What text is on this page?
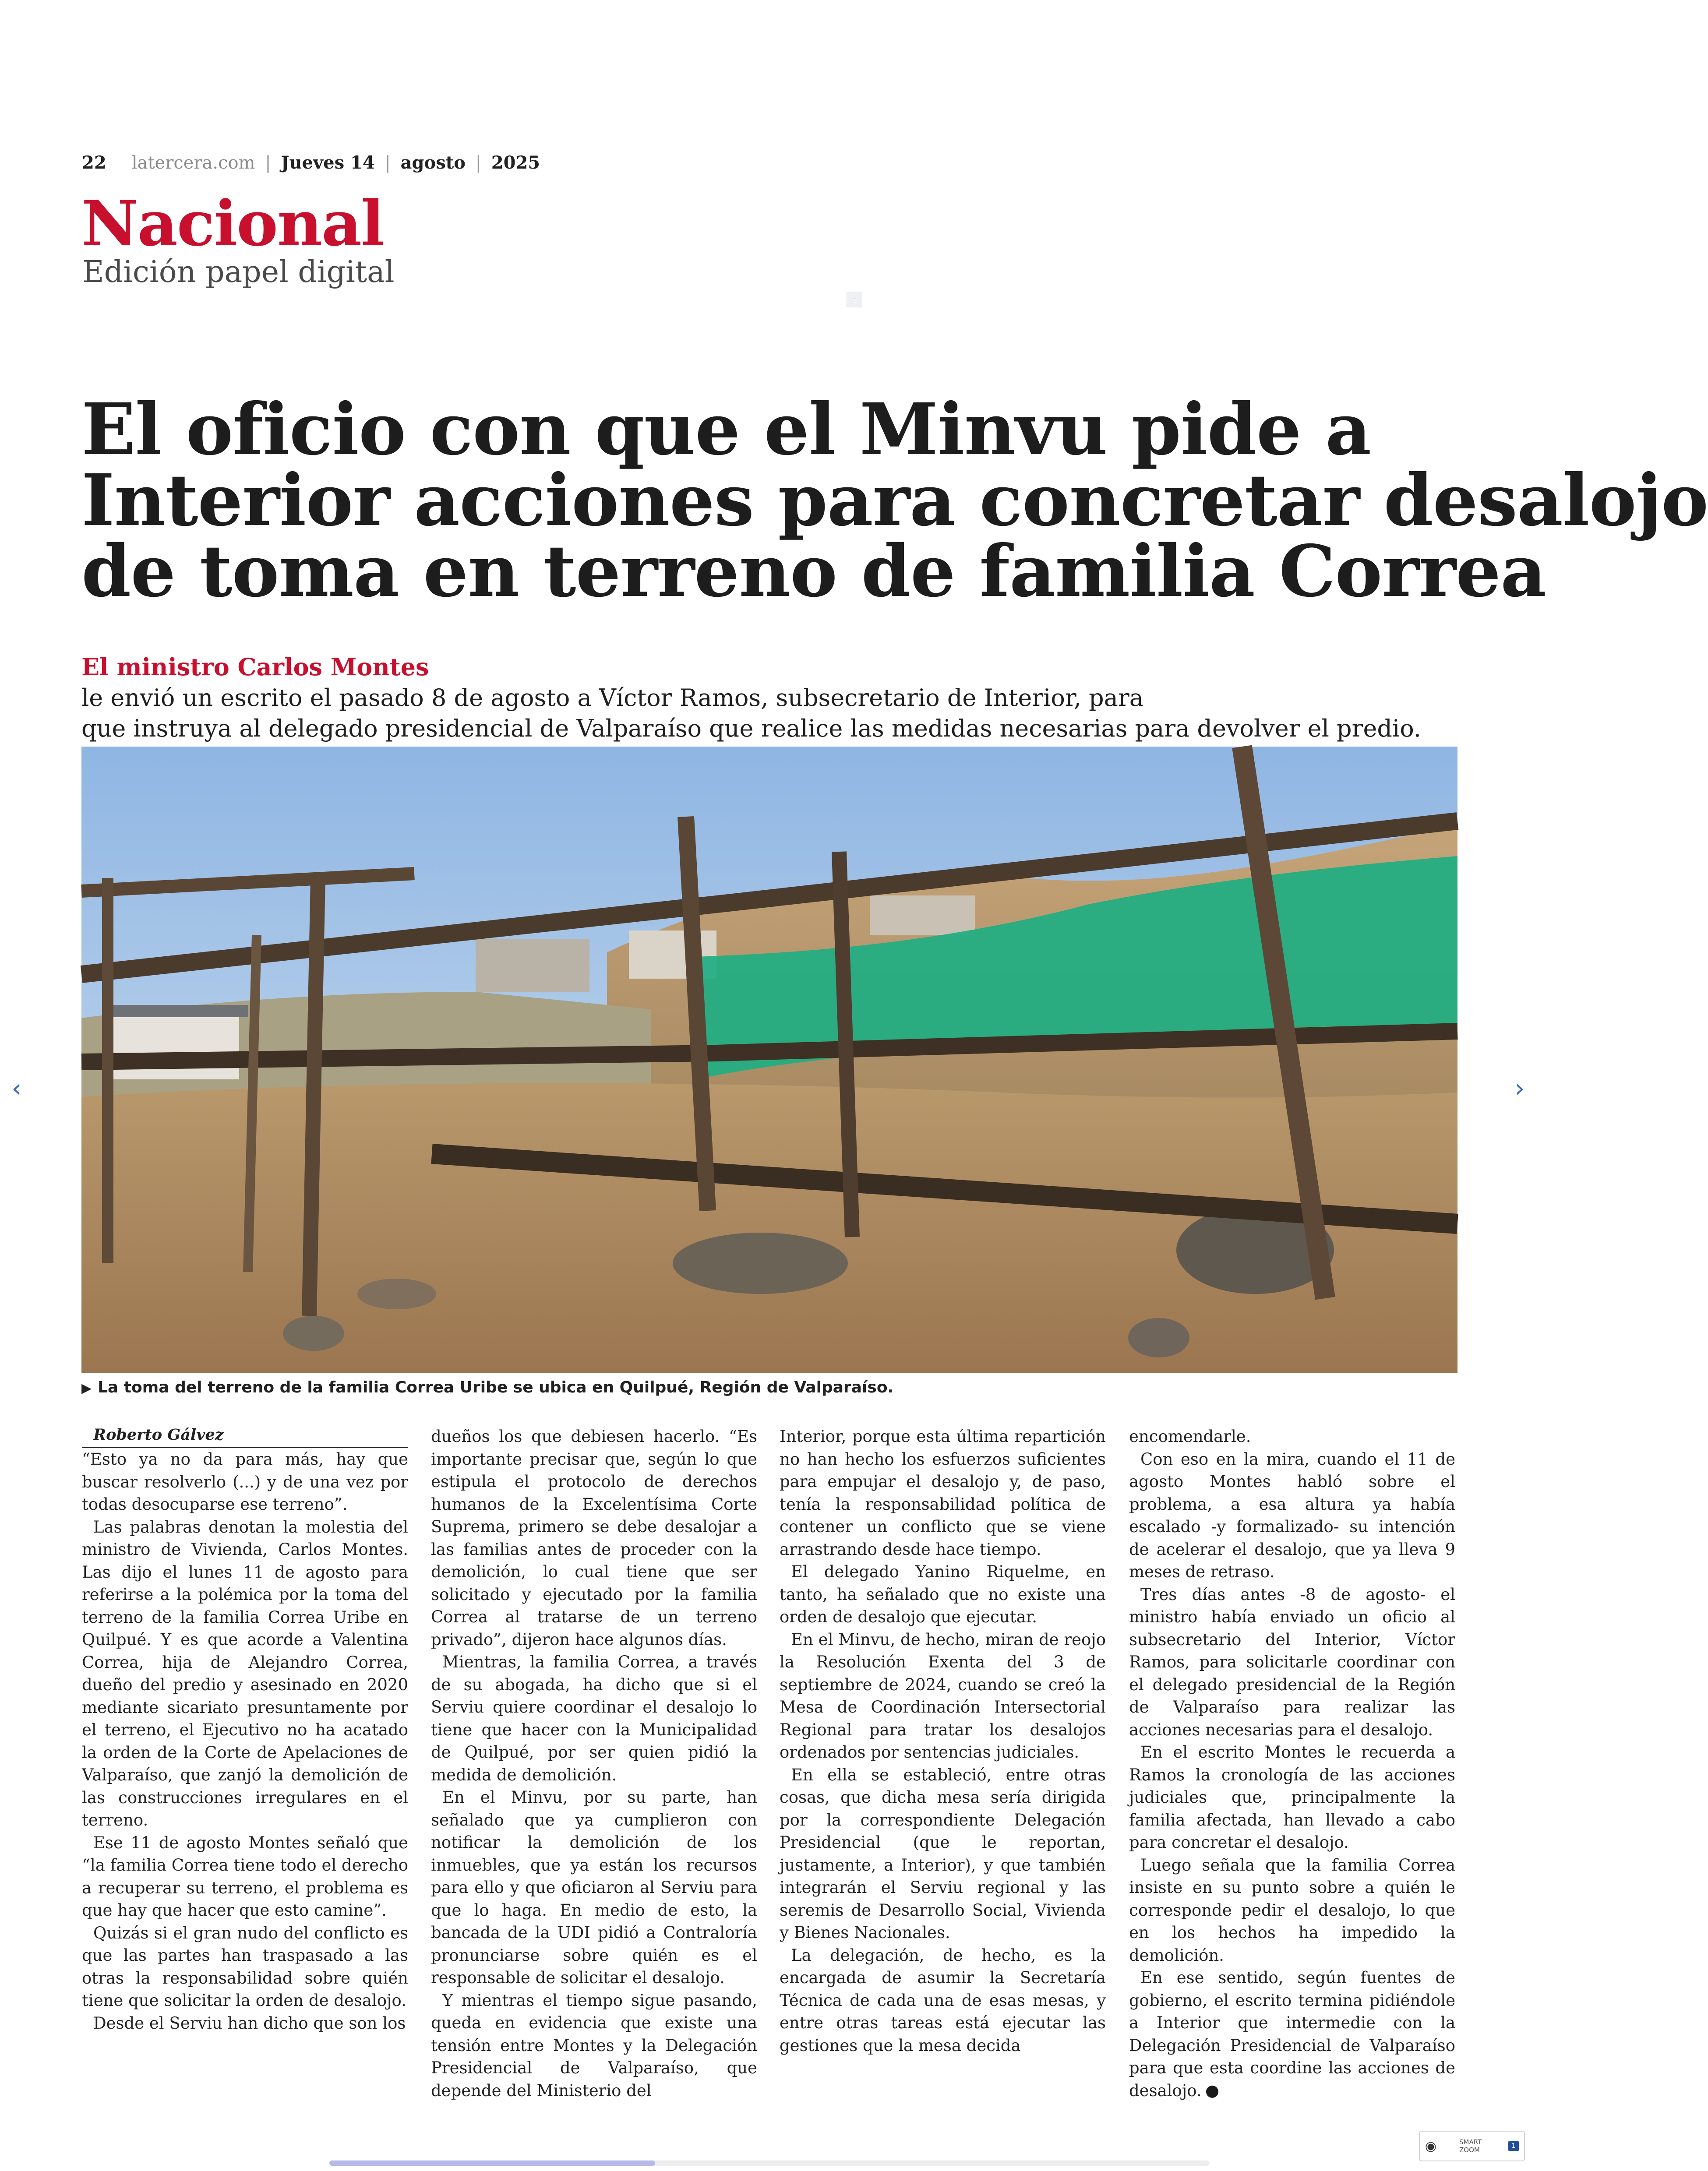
22 latercera.com | Jueves 14 | agosto | 2025
Nacional
Edición papel digital
▫
El oficio con que el Minvu pide a
Interior acciones para concretar desalojo
de toma en terreno de familia Correa

El ministro Carlos Montes
le envió un escrito el pasado 8 de agosto a Víctor Ramos, subsecretario de Interior, para
que instruya al delegado presidencial de Valparaíso que realice las medidas necesarias para devolver el predio.

▶ La toma del terreno de la familia Correa Uribe se ubica en Quilpué, Región de Valparaíso.
‹	›

Roberto Gálvez

“Esto ya no da para más, hay que buscar resolverlo (...) y de una vez por todas desocuparse ese terreno”.

Las palabras denotan la molestia del ministro de Vivienda, Carlos Montes. Las dijo el lunes 11 de agosto para referirse a la polémica por la toma del terreno de la familia Correa Uribe en Quilpué. Y es que acorde a Valentina Correa, hija de Alejandro Correa, dueño del predio y asesinado en 2020 mediante sicariato presuntamente por el terreno, el Ejecutivo no ha acatado la orden de la Corte de Apelaciones de Valparaíso, que zanjó la demolición de las construcciones irregulares en el terreno.

Ese 11 de agosto Montes señaló que “la familia Correa tiene todo el derecho a recuperar su terreno, el problema es que hay que hacer que esto camine”.

Quizás si el gran nudo del conflicto es que las partes han traspasado a las otras la responsabilidad sobre quién tiene que solicitar la orden de desalojo.

Desde el Serviu han dicho que son los

dueños los que debiesen hacerlo. “Es importante precisar que, según lo que estipula el protocolo de derechos humanos de la Excelentísima Corte Suprema, primero se debe desalojar a las familias antes de proceder con la demolición, lo cual tiene que ser solicitado y ejecutado por la familia Correa al tratarse de un terreno privado”, dijeron hace algunos días.

Mientras, la familia Correa, a través de su abogada, ha dicho que si el Serviu quiere coordinar el desalojo lo tiene que hacer con la Municipalidad de Quilpué, por ser quien pidió la medida de demolición.

En el Minvu, por su parte, han señalado que ya cumplieron con notificar la demolición de los inmuebles, que ya están los recursos para ello y que oficiaron al Serviu para que lo haga. En medio de esto, la bancada de la UDI pidió a Contraloría pronunciarse sobre quién es el responsable de solicitar el desalojo.

Y mientras el tiempo sigue pasando, queda en evidencia que existe una tensión entre Montes y la Delegación Presidencial de Valparaíso, que depende del Ministerio del

Interior, porque esta última repartición no han hecho los esfuerzos suficientes para empujar el desalojo y, de paso, tenía la responsabilidad política de contener un conflicto que se viene arrastrando desde hace tiempo.

El delegado Yanino Riquelme, en tanto, ha señalado que no existe una orden de desalojo que ejecutar.

En el Minvu, de hecho, miran de reojo la Resolución Exenta del 3 de septiembre de 2024, cuando se creó la Mesa de Coordinación Intersectorial Regional para tratar los desalojos ordenados por sentencias judiciales.

En ella se estableció, entre otras cosas, que dicha mesa sería dirigida por la correspondiente Delegación Presidencial (que le reportan, justamente, a Interior), y que también integrarán el Serviu regional y las seremis de Desarrollo Social, Vivienda y Bienes Nacionales.

La delegación, de hecho, es la encargada de asumir la Secretaría Técnica de cada una de esas mesas, y entre otras tareas está ejecutar las gestiones que la mesa decida

encomendarle.

Con eso en la mira, cuando el 11 de agosto Montes habló sobre el problema, a esa altura ya había escalado -y formalizado- su intención de acelerar el desalojo, que ya lleva 9 meses de retraso.

Tres días antes -8 de agosto- el ministro había enviado un oficio al subsecretario del Interior, Víctor Ramos, para solicitarle coordinar con el delegado presidencial de la Región de Valparaíso para realizar las acciones necesarias para el desalojo.

En el escrito Montes le recuerda a Ramos la cronología de las acciones judiciales que, principalmente la familia afectada, han llevado a cabo para concretar el desalojo.

Luego señala que la familia Correa insiste en su punto sobre a quién le corresponde pedir el desalojo, lo que en los hechos ha impedido la demolición.

En ese sentido, según fuentes de gobierno, el escrito termina pidiéndole a Interior que intermedie con la Delegación Presidencial de Valparaíso para que esta coordine las acciones de desalojo.

◉	SMART
ZOOM	1
